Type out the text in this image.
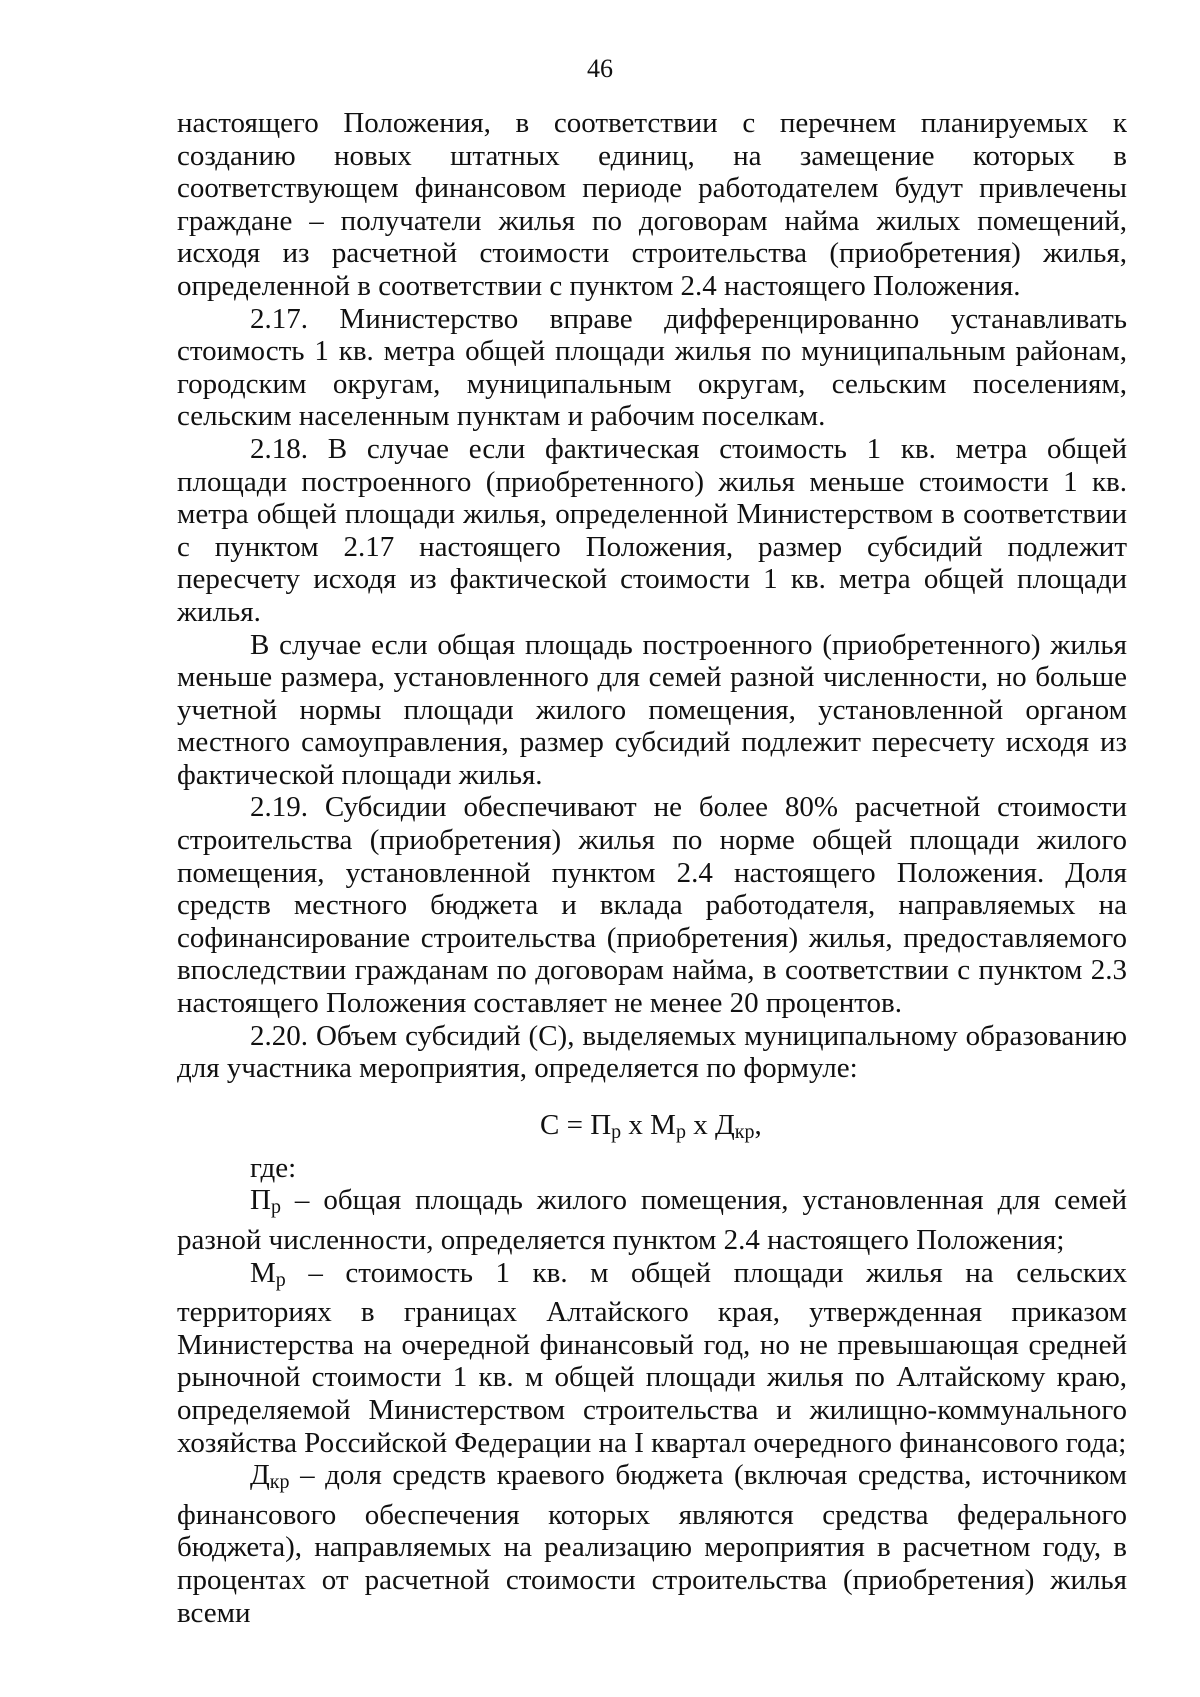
46

настоящего Положения, в соответствии с перечнем планируемых к созданию новых штатных единиц, на замещение которых в соответствующем финансовом периоде работодателем будут привлечены граждане – получатели жилья по договорам найма жилых помещений, исходя из расчетной стоимости строительства (приобретения) жилья, определенной в соответствии с пунктом 2.4 настоящего Положения.

2.17. Министерство вправе дифференцированно устанавливать стоимость 1 кв. метра общей площади жилья по муниципальным районам, городским округам, муниципальным округам, сельским поселениям, сельским населенным пунктам и рабочим поселкам.

2.18. В случае если фактическая стоимость 1 кв. метра общей площади построенного (приобретенного) жилья меньше стоимости 1 кв. метра общей площади жилья, определенной Министерством в соответствии с пунктом 2.17 настоящего Положения, размер субсидий подлежит пересчету исходя из фактической стоимости 1 кв. метра общей площади жилья.

В случае если общая площадь построенного (приобретенного) жилья меньше размера, установленного для семей разной численности, но больше учетной нормы площади жилого помещения, установленной органом местного самоуправления, размер субсидий подлежит пересчету исходя из фактической площади жилья.

2.19. Субсидии обеспечивают не более 80% расчетной стоимости строительства (приобретения) жилья по норме общей площади жилого помещения, установленной пунктом 2.4 настоящего Положения. Доля средств местного бюджета и вклада работодателя, направляемых на софинансирование строительства (приобретения) жилья, предоставляемого впоследствии гражданам по договорам найма, в соответствии с пунктом 2.3 настоящего Положения составляет не менее 20 процентов.

2.20. Объем субсидий (С), выделяемых муниципальному образованию для участника мероприятия, определяется по формуле:

$С = П_р$ х $М_р$ х $Д_{кр}$,

где:

$П_р$ – общая площадь жилого помещения, установленная для семей разной численности, определяется пунктом 2.4 настоящего Положения;

$М_р$ – стоимость 1 кв. м общей площади жилья на сельских территориях в границах Алтайского края, утвержденная приказом Министерства на очередной финансовый год, но не превышающая средней рыночной стоимости 1 кв. м общей площади жилья по Алтайскому краю, определяемой Министерством строительства и жилищно-коммунального хозяйства Российской Федерации на I квартал очередного финансового года;

$Д_{кр}$ – доля средств краевого бюджета (включая средства, источником финансового обеспечения которых являются средства федерального бюджета), направляемых на реализацию мероприятия в расчетном году, в процентах от расчетной стоимости строительства (приобретения) жилья всеми
